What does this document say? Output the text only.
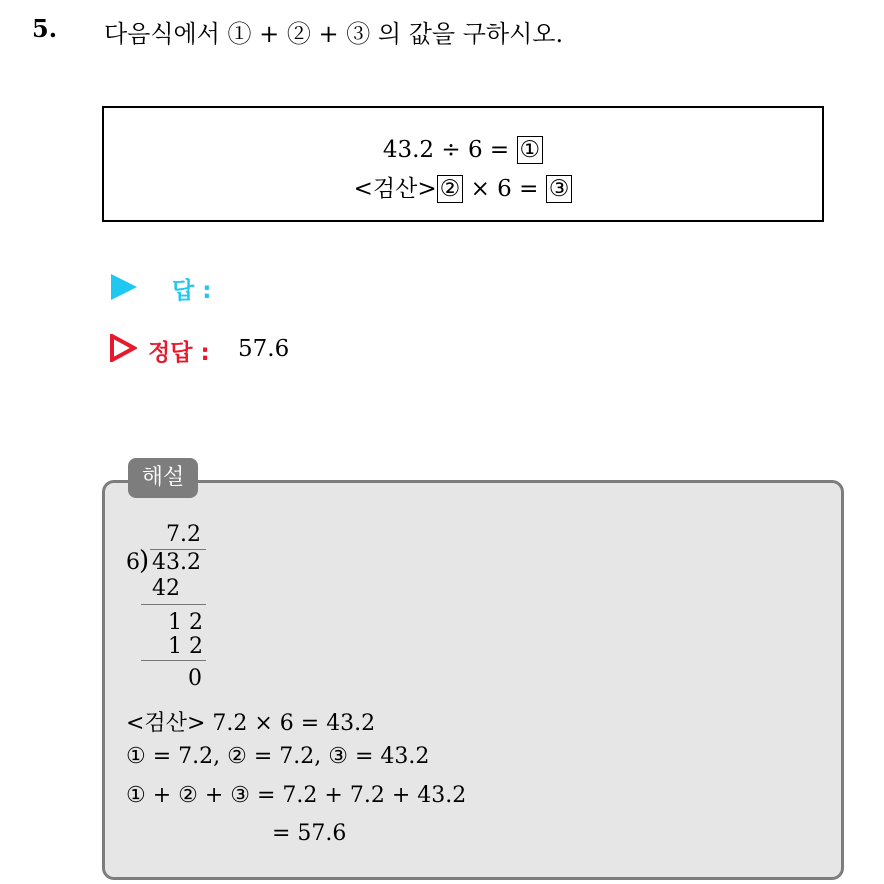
5. 다음식에서 ① + ② + ③ 의 값을 구하시오.
43.2 ÷ 6 = ①
<검산> ② × 6 = ③
답 :
정답 : 57.6
해설
7.2
6 ) 43.2
42
1 2
1 2
0
<검산> 7.2 × 6 = 43.2
① = 7.2, ② = 7.2, ③ = 43.2
① + ② + ③ = 7.2 + 7.2 + 43.2
= 57.6
